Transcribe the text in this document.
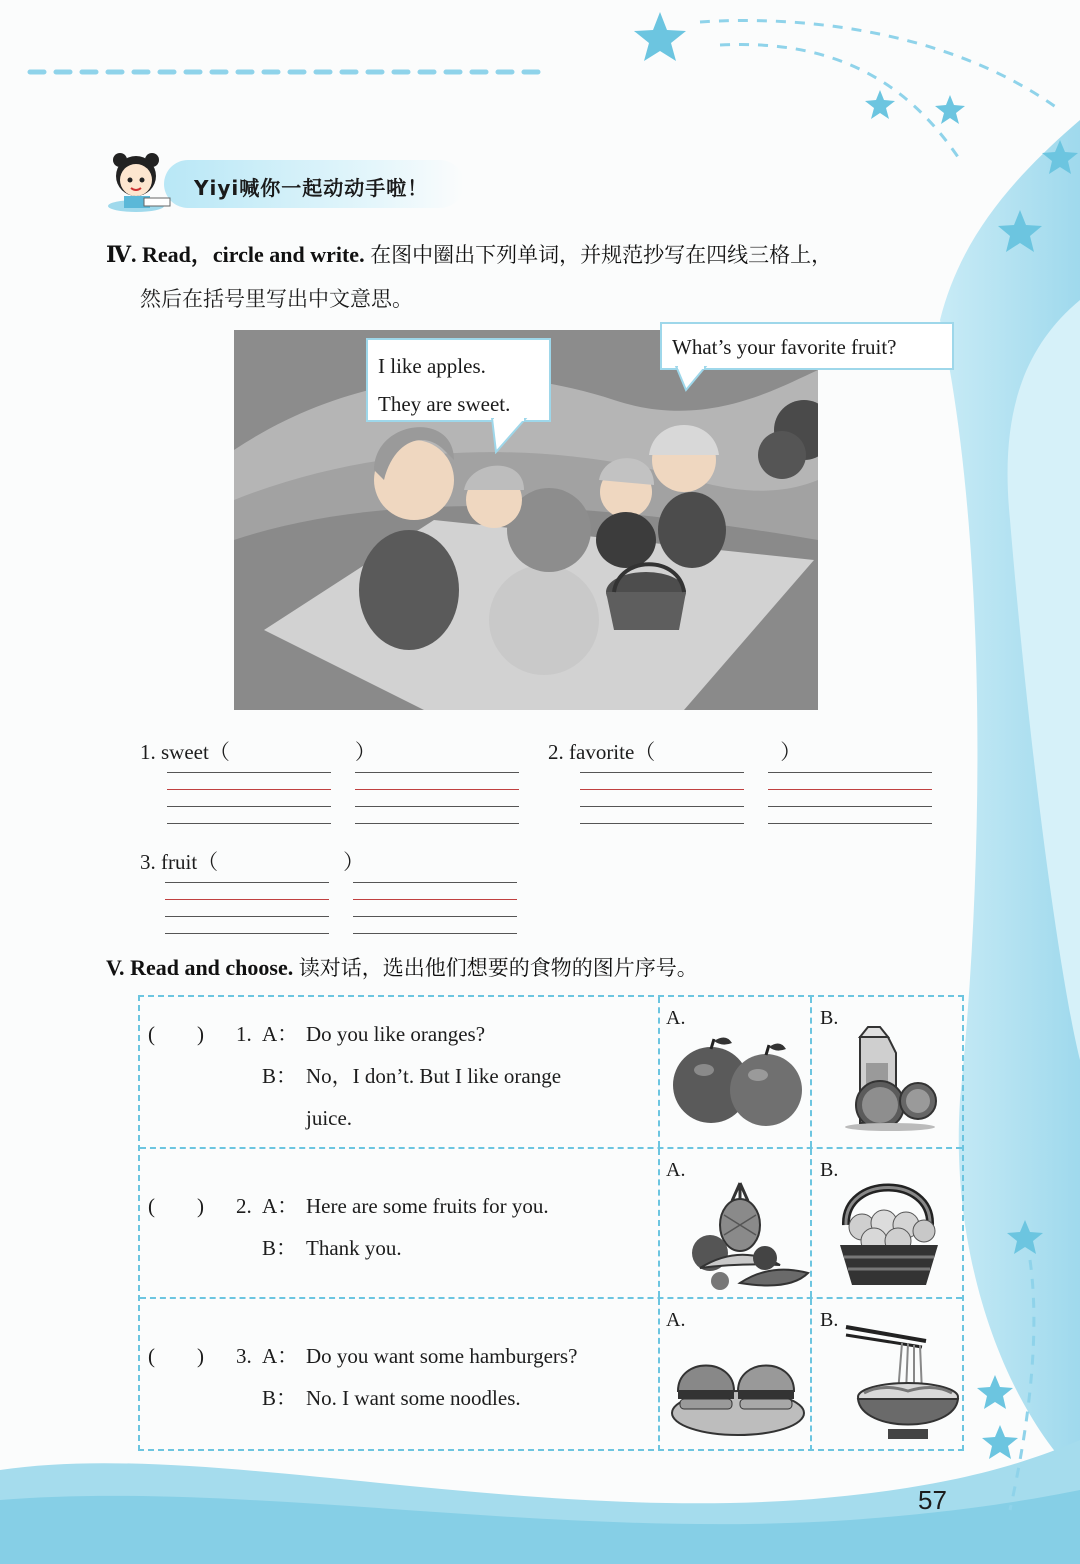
Yiyi喊你一起动动手啦！
Ⅳ. Read，circle and write. 在图中圈出下列单词，并规范抄写在四线三格上，
然后在括号里写出中文意思。
I like apples.
They are sweet.
What’s your favorite fruit?
1. sweet（	）	2. favorite（	）
3. fruit（	）
V. Read and choose. 读对话，选出他们想要的食物的图片序号。
(　　) 1. A： Do you like oranges?
B： No，I don’t. But I like orange
juice.
A.	B.
(　　) 2. A： Here are some fruits for you.
B： Thank you.
A.	B.
(　　) 3. A： Do you want some hamburgers?
B： No. I want some noodles.
A.	B.
57
